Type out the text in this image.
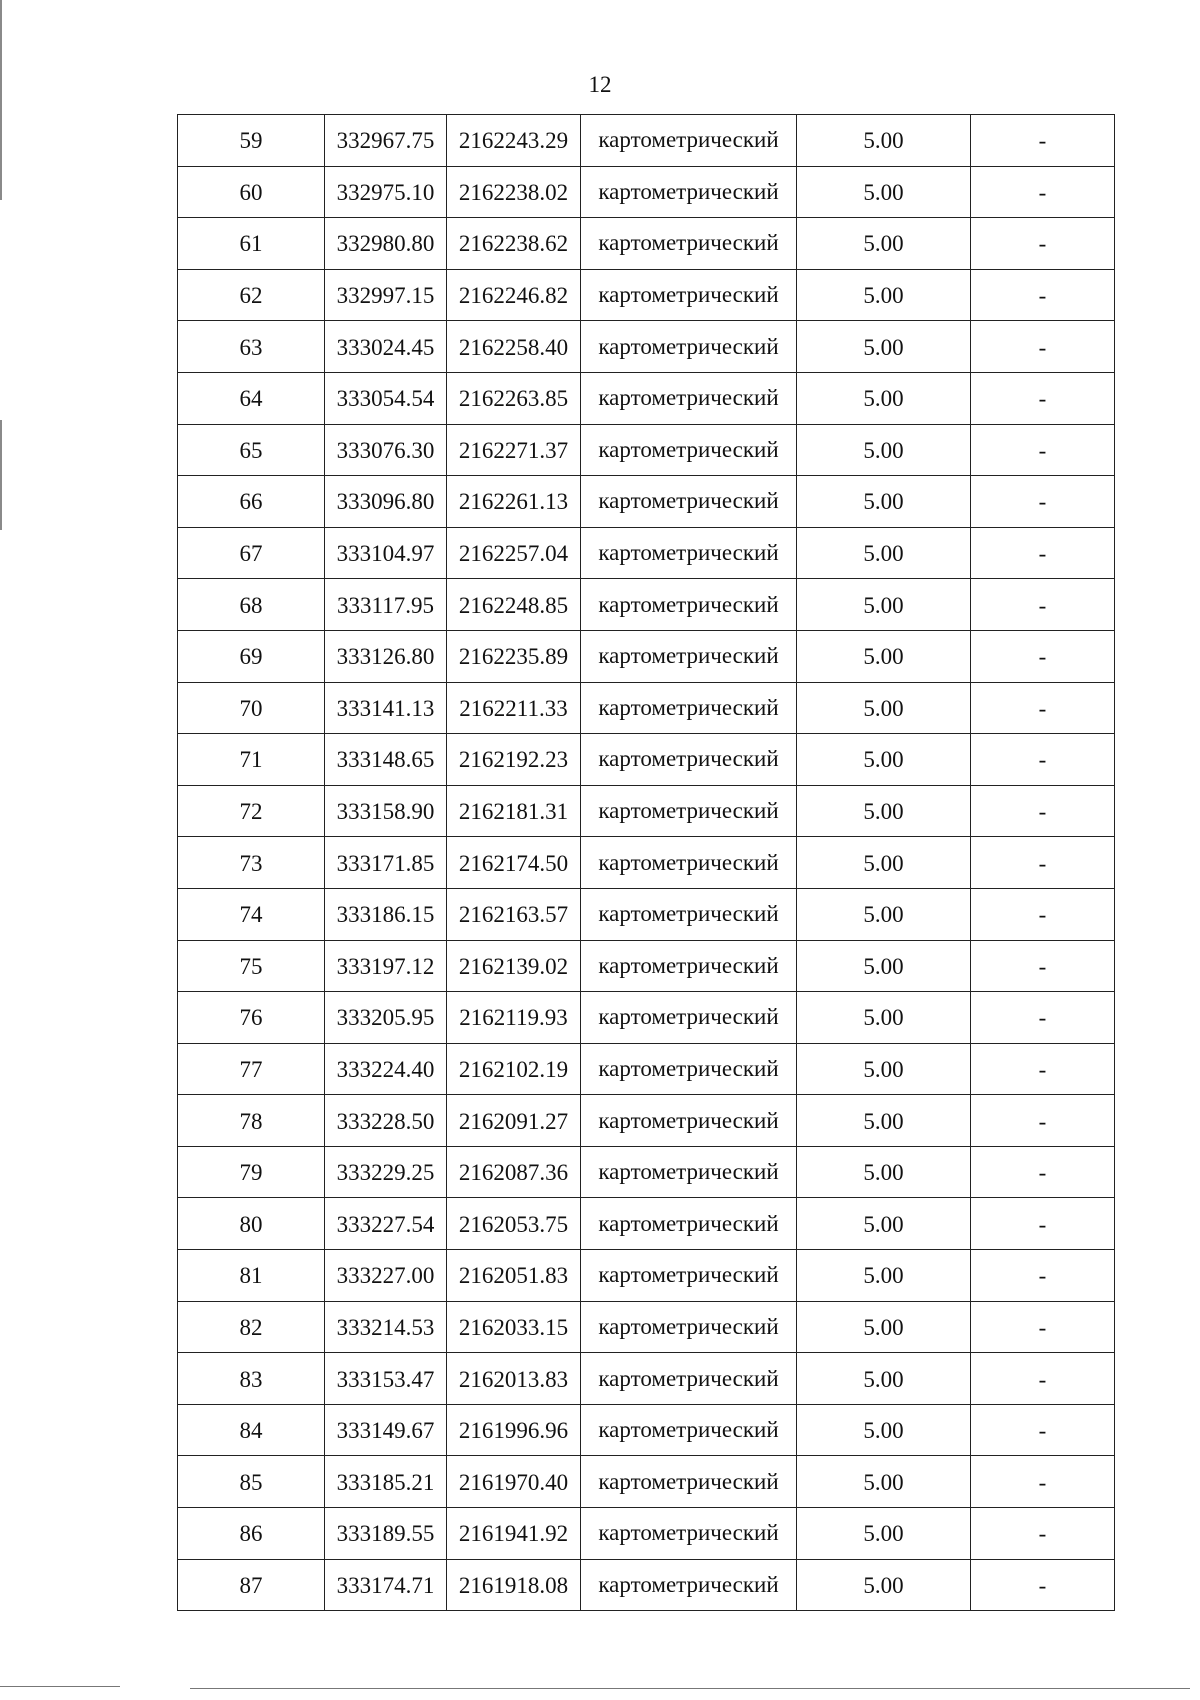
12
59	332967.75	2162243.29	картометрический	5.00	-
60	332975.10	2162238.02	картометрический	5.00	-
61	332980.80	2162238.62	картометрический	5.00	-
62	332997.15	2162246.82	картометрический	5.00	-
63	333024.45	2162258.40	картометрический	5.00	-
64	333054.54	2162263.85	картометрический	5.00	-
65	333076.30	2162271.37	картометрический	5.00	-
66	333096.80	2162261.13	картометрический	5.00	-
67	333104.97	2162257.04	картометрический	5.00	-
68	333117.95	2162248.85	картометрический	5.00	-
69	333126.80	2162235.89	картометрический	5.00	-
70	333141.13	2162211.33	картометрический	5.00	-
71	333148.65	2162192.23	картометрический	5.00	-
72	333158.90	2162181.31	картометрический	5.00	-
73	333171.85	2162174.50	картометрический	5.00	-
74	333186.15	2162163.57	картометрический	5.00	-
75	333197.12	2162139.02	картометрический	5.00	-
76	333205.95	2162119.93	картометрический	5.00	-
77	333224.40	2162102.19	картометрический	5.00	-
78	333228.50	2162091.27	картометрический	5.00	-
79	333229.25	2162087.36	картометрический	5.00	-
80	333227.54	2162053.75	картометрический	5.00	-
81	333227.00	2162051.83	картометрический	5.00	-
82	333214.53	2162033.15	картометрический	5.00	-
83	333153.47	2162013.83	картометрический	5.00	-
84	333149.67	2161996.96	картометрический	5.00	-
85	333185.21	2161970.40	картометрический	5.00	-
86	333189.55	2161941.92	картометрический	5.00	-
87	333174.71	2161918.08	картометрический	5.00	-
